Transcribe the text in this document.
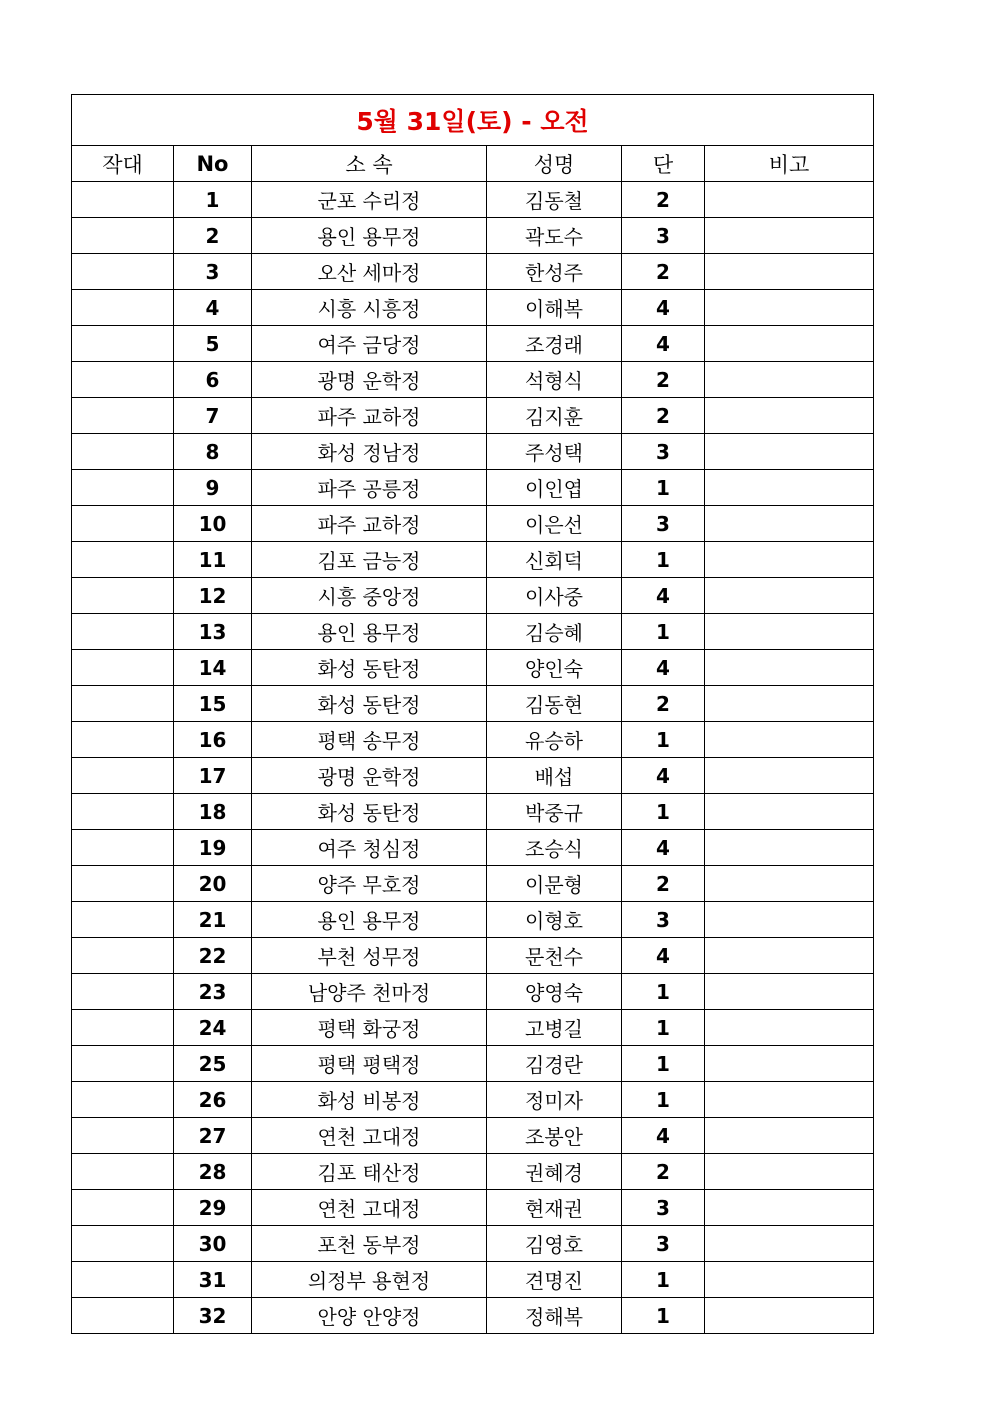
5월 31일(토) - 오전					
작대	No	소 속	성명	단	비고
	1	군포 수리정	김동철	2	
	2	용인 용무정	곽도수	3	
	3	오산 세마정	한성주	2	
	4	시흥 시흥정	이해복	4	
	5	여주 금당정	조경래	4	
	6	광명 운학정	석형식	2	
	7	파주 교하정	김지훈	2	
	8	화성 정남정	주성택	3	
	9	파주 공릉정	이인엽	1	
	10	파주 교하정	이은선	3	
	11	김포 금능정	신회덕	1	
	12	시흥 중앙정	이사중	4	
	13	용인 용무정	김승혜	1	
	14	화성 동탄정	양인숙	4	
	15	화성 동탄정	김동현	2	
	16	평택 송무정	유승하	1	
	17	광명 운학정	배섭	4	
	18	화성 동탄정	박중규	1	
	19	여주 청심정	조승식	4	
	20	양주 무호정	이문형	2	
	21	용인 용무정	이형호	3	
	22	부천 성무정	문천수	4	
	23	남양주 천마정	양영숙	1	
	24	평택 화궁정	고병길	1	
	25	평택 평택정	김경란	1	
	26	화성 비봉정	정미자	1	
	27	연천 고대정	조봉안	4	
	28	김포 태산정	권혜경	2	
	29	연천 고대정	현재권	3	
	30	포천 동부정	김영호	3	
	31	의정부 용현정	견명진	1	
	32	안양 안양정	정해복	1	
